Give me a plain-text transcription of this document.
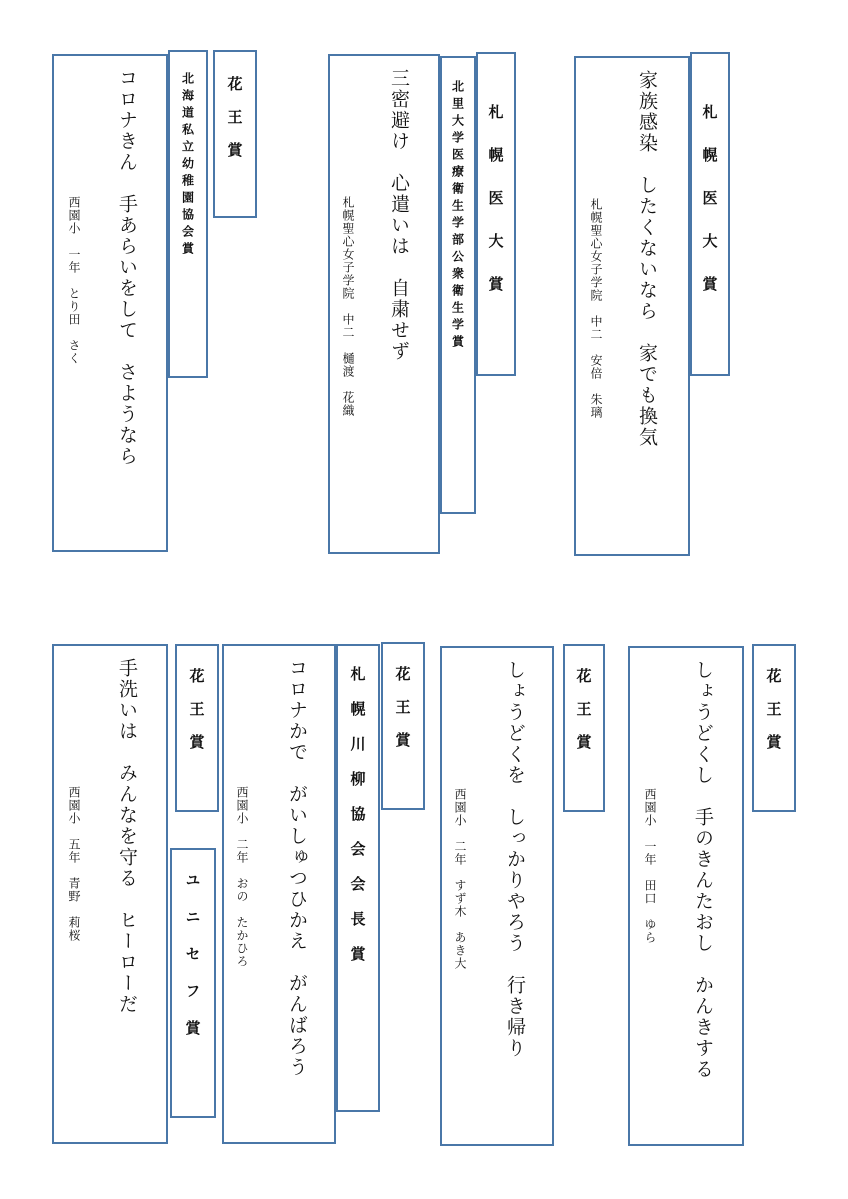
家族感染　したくないなら　家でも換気
札幌聖心女子学院　中二　安倍　朱璃	札幌医大賞
三密避け　心遣いは　自粛せず
札幌聖心女子学院　中二　樋渡　花織	北里大学医療衛生学部公衆衛生学賞 札幌医大賞
コロナきん　手あらいをして　さようなら
西園小　一年　とり田　さく
北海道私立幼稚園協会賞 花王賞
しょうどくし　手のきんたおし　かんきする
西園小　一年　田口　ゆら
花王賞
しょうどくを　しっかりやろう　行き帰り
西園小　二年　すず木　あき大
花王賞
コロナかで　がいしゅつひかえ　がんばろう
西園小　二年　おの　たかひろ	札幌川柳協会会長賞 花王賞
手洗いは　みんなを守る　ヒーローだ
西園小　五年　青野　莉桜
花王賞
ユニセフ賞
